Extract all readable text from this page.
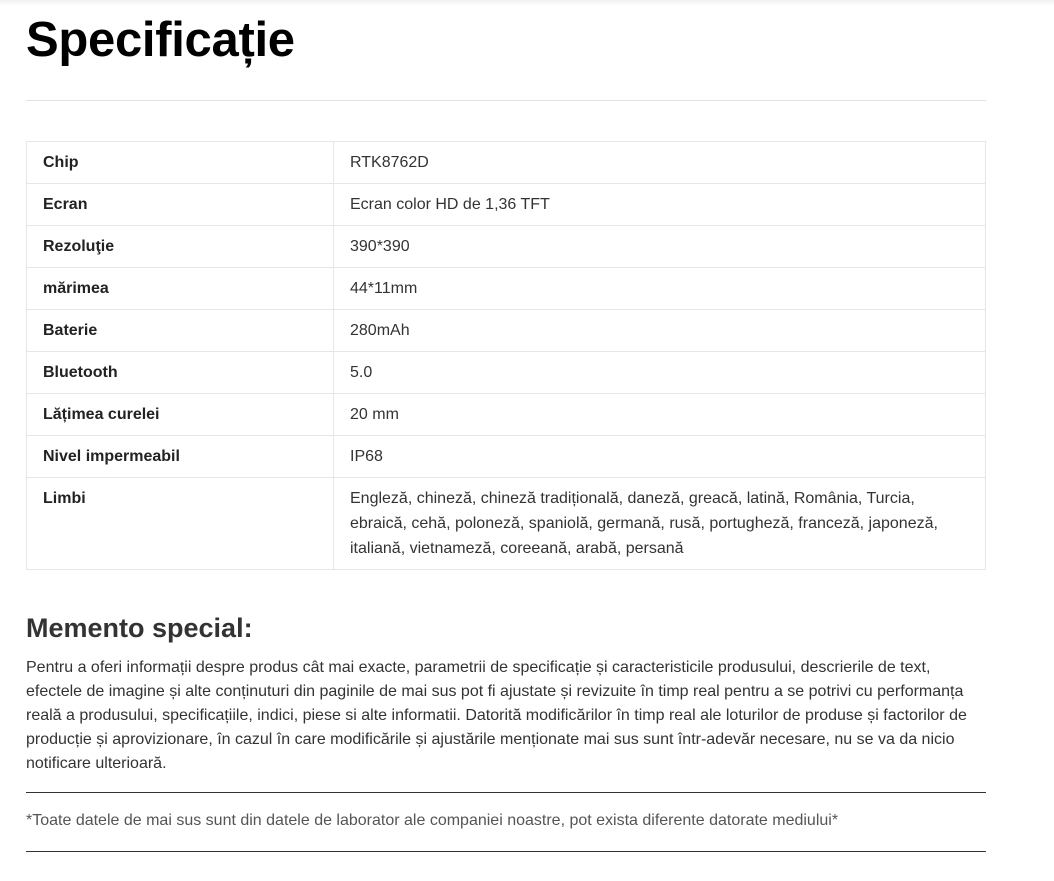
Specificație
Chip	RTK8762D
Ecran	Ecran color HD de 1,36 TFT
Rezoluţie	390*390
mărimea	44*11mm
Baterie	280mAh
Bluetooth	5.0
Lățimea curelei	20 mm
Nivel impermeabil	IP68
Limbi	Engleză, chineză, chineză tradițională, daneză, greacă, latină, România, Turcia, ebraică, cehă, poloneză, spaniolă, germană, rusă, portugheză, franceză, japoneză, italiană, vietnameză, coreeană, arabă, persană
Memento special:

Pentru a oferi informații despre produs cât mai exacte, parametrii de specificație și caracteristicile produsului, descrierile de text, efectele de imagine și alte conținuturi din paginile de mai sus pot fi ajustate și revizuite în timp real pentru a se potrivi cu performanța reală a produsului, specificațiile, indici, piese si alte informatii. Datorită modificărilor în timp real ale loturilor de produse și factorilor de producție și aprovizionare, în cazul în care modificările și ajustările menționate mai sus sunt într-adevăr necesare, nu se va da nicio notificare ulterioară.

*Toate datele de mai sus sunt din datele de laborator ale companiei noastre, pot exista diferente datorate mediului*
